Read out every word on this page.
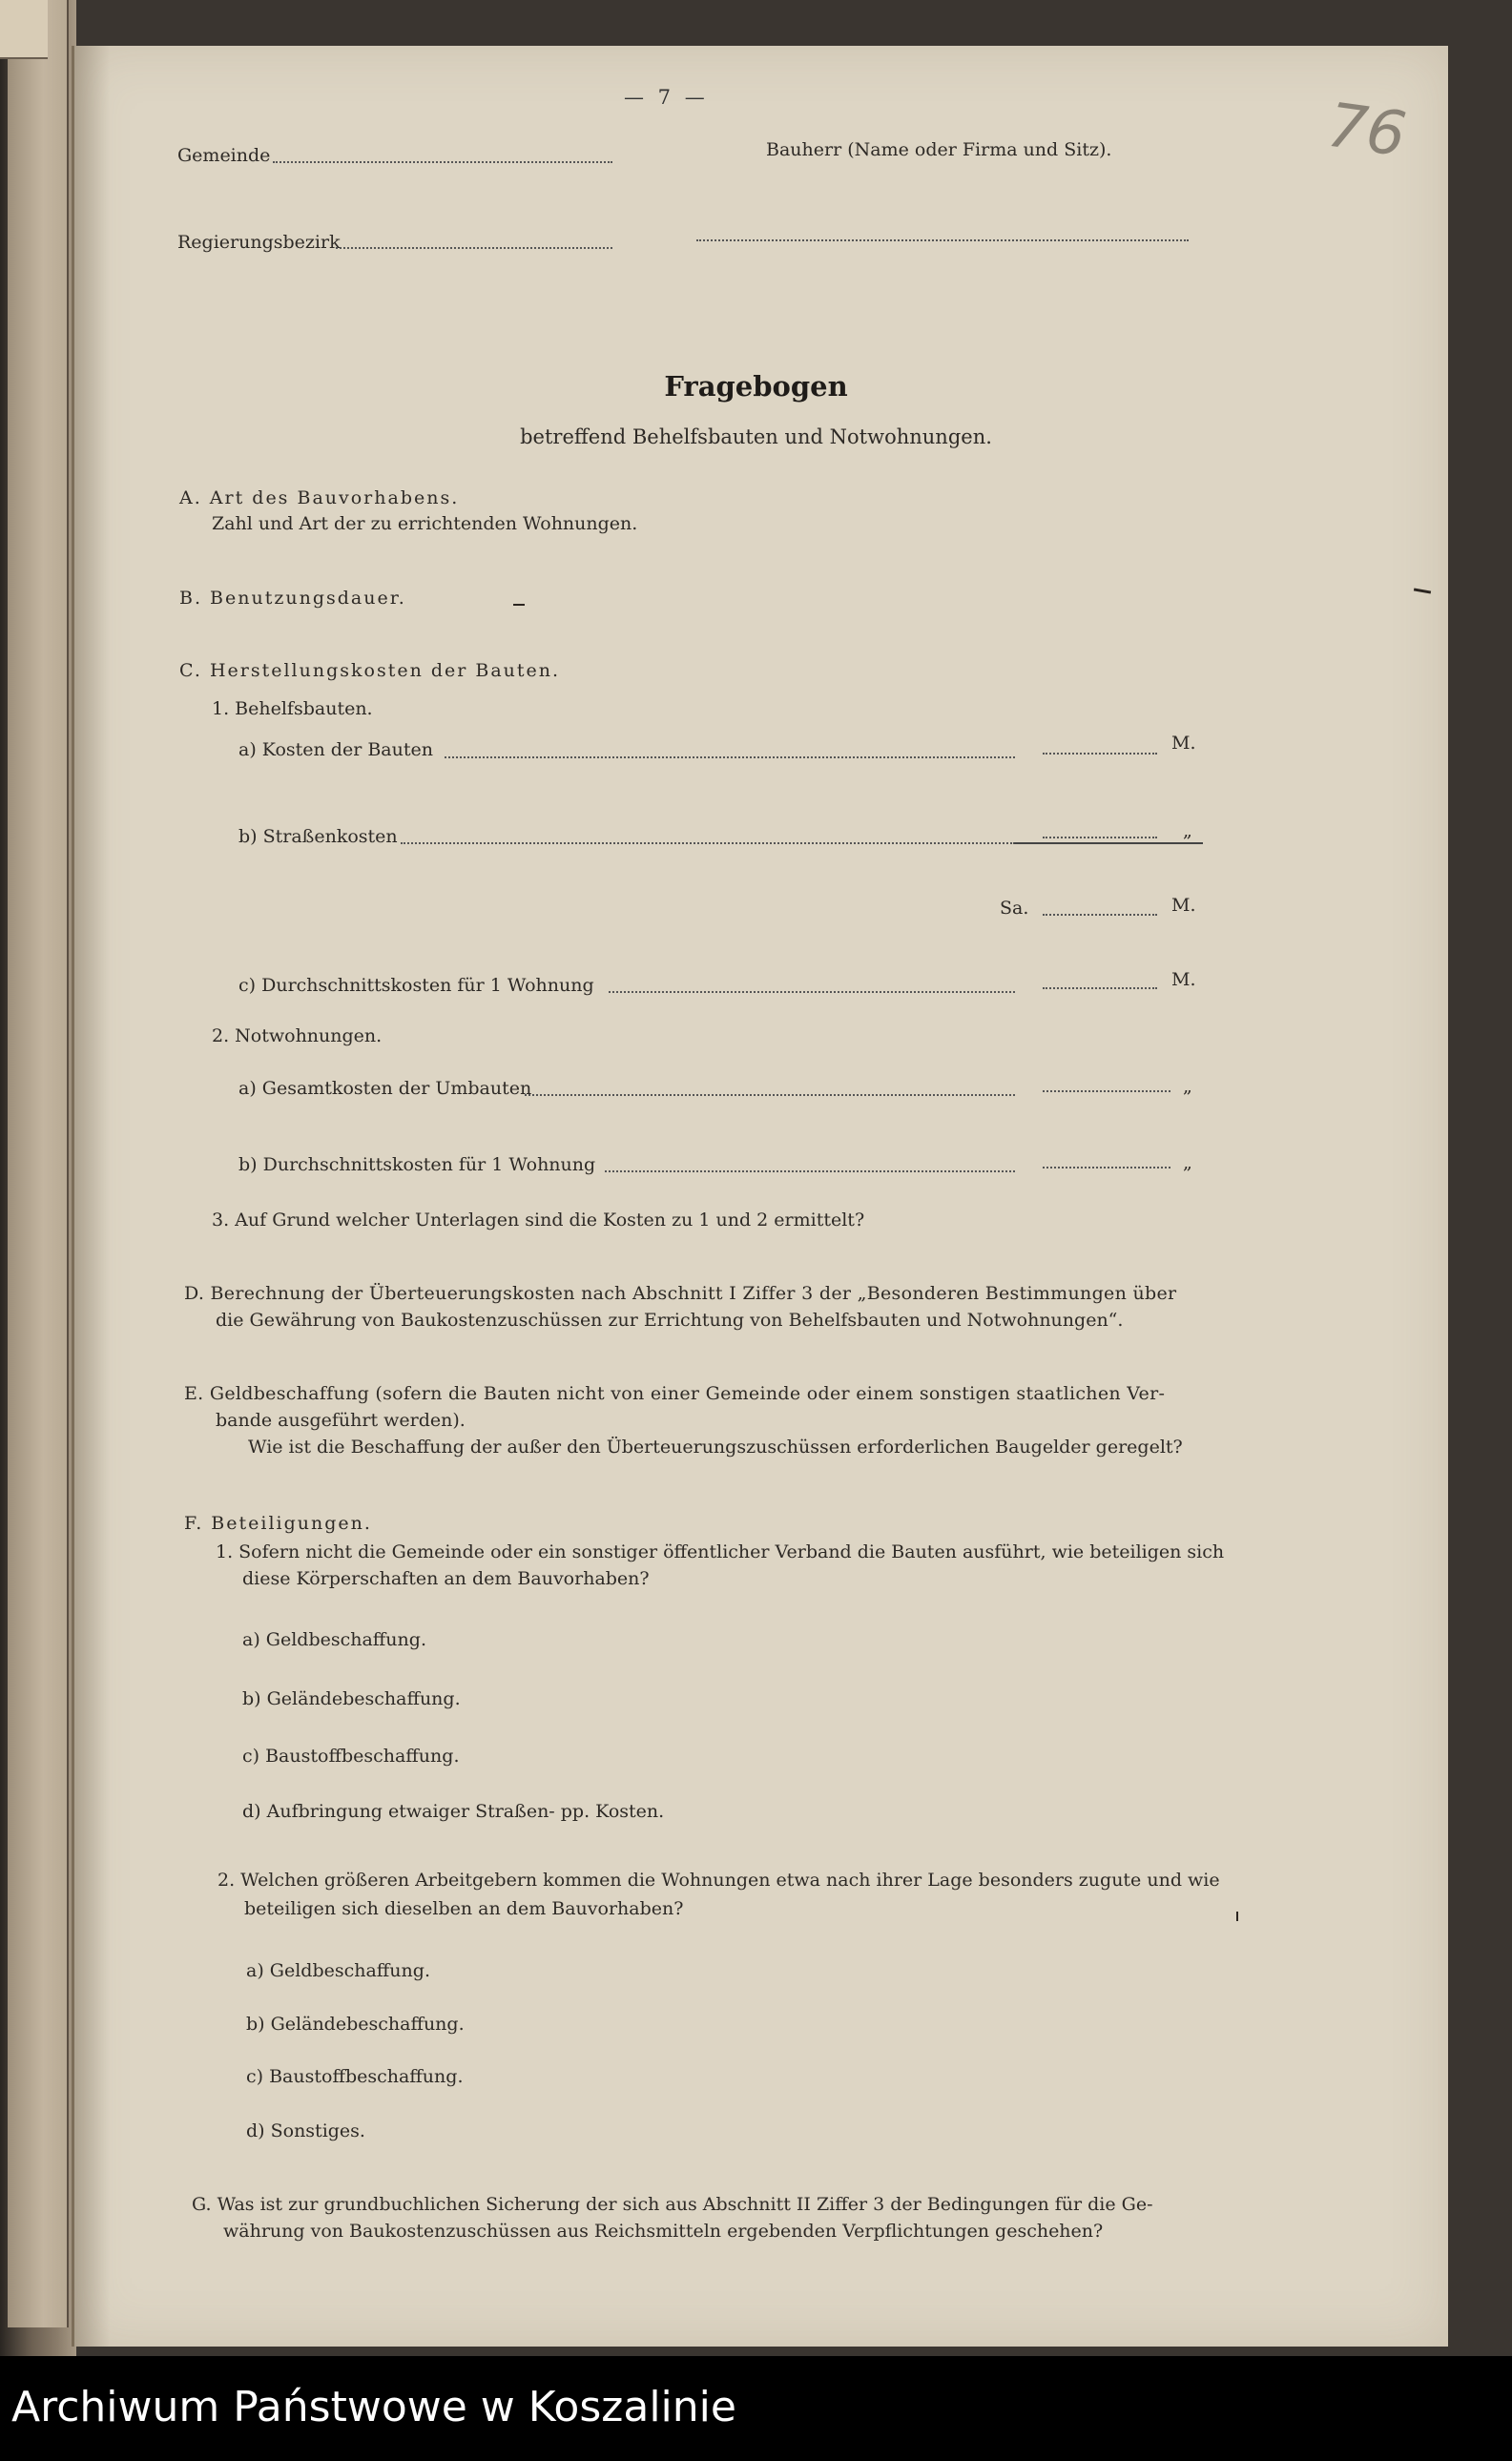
— 7 —	76
Gemeinde	Bauherr (Name oder Firma und Sitz).
Regierungsbezirk
Fragebogen
betreffend Behelfsbauten und Notwohnungen.
A. Art des Bauvorhabens.
Zahl und Art der zu errichtenden Wohnungen.
B. Benutzungsdauer.
C. Herstellungskosten der Bauten.
1. Behelfsbauten.
a) Kosten der Bauten	M.
b) Straßenkosten	„
Sa.	M.
c) Durchschnittskosten für 1 Wohnung	M.
2. Notwohnungen.
a) Gesamtkosten der Umbauten	„
b) Durchschnittskosten für 1 Wohnung	„
3. Auf Grund welcher Unterlagen sind die Kosten zu 1 und 2 ermittelt?
D. Berechnung der Überteuerungskosten nach Abschnitt I Ziffer 3 der „Besonderen Bestimmungen über
die Gewährung von Baukostenzuschüssen zur Errichtung von Behelfsbauten und Notwohnungen“.
E. Geldbeschaffung (sofern die Bauten nicht von einer Gemeinde oder einem sonstigen staatlichen Ver-
bande ausgeführt werden).
Wie ist die Beschaffung der außer den Überteuerungszuschüssen erforderlichen Baugelder geregelt?
F. Beteiligungen.
1. Sofern nicht die Gemeinde oder ein sonstiger öffentlicher Verband die Bauten ausführt, wie beteiligen sich
diese Körperschaften an dem Bauvorhaben?
a) Geldbeschaffung.
b) Geländebeschaffung.
c) Baustoffbeschaffung.
d) Aufbringung etwaiger Straßen- pp. Kosten.
2. Welchen größeren Arbeitgebern kommen die Wohnungen etwa nach ihrer Lage besonders zugute und wie
beteiligen sich dieselben an dem Bauvorhaben?
a) Geldbeschaffung.
b) Geländebeschaffung.
c) Baustoffbeschaffung.
d) Sonstiges.
G. Was ist zur grundbuchlichen Sicherung der sich aus Abschnitt II Ziffer 3 der Bedingungen für die Ge-
währung von Baukostenzuschüssen aus Reichsmitteln ergebenden Verpflichtungen geschehen?
Archiwum Państwowe w Koszalinie
